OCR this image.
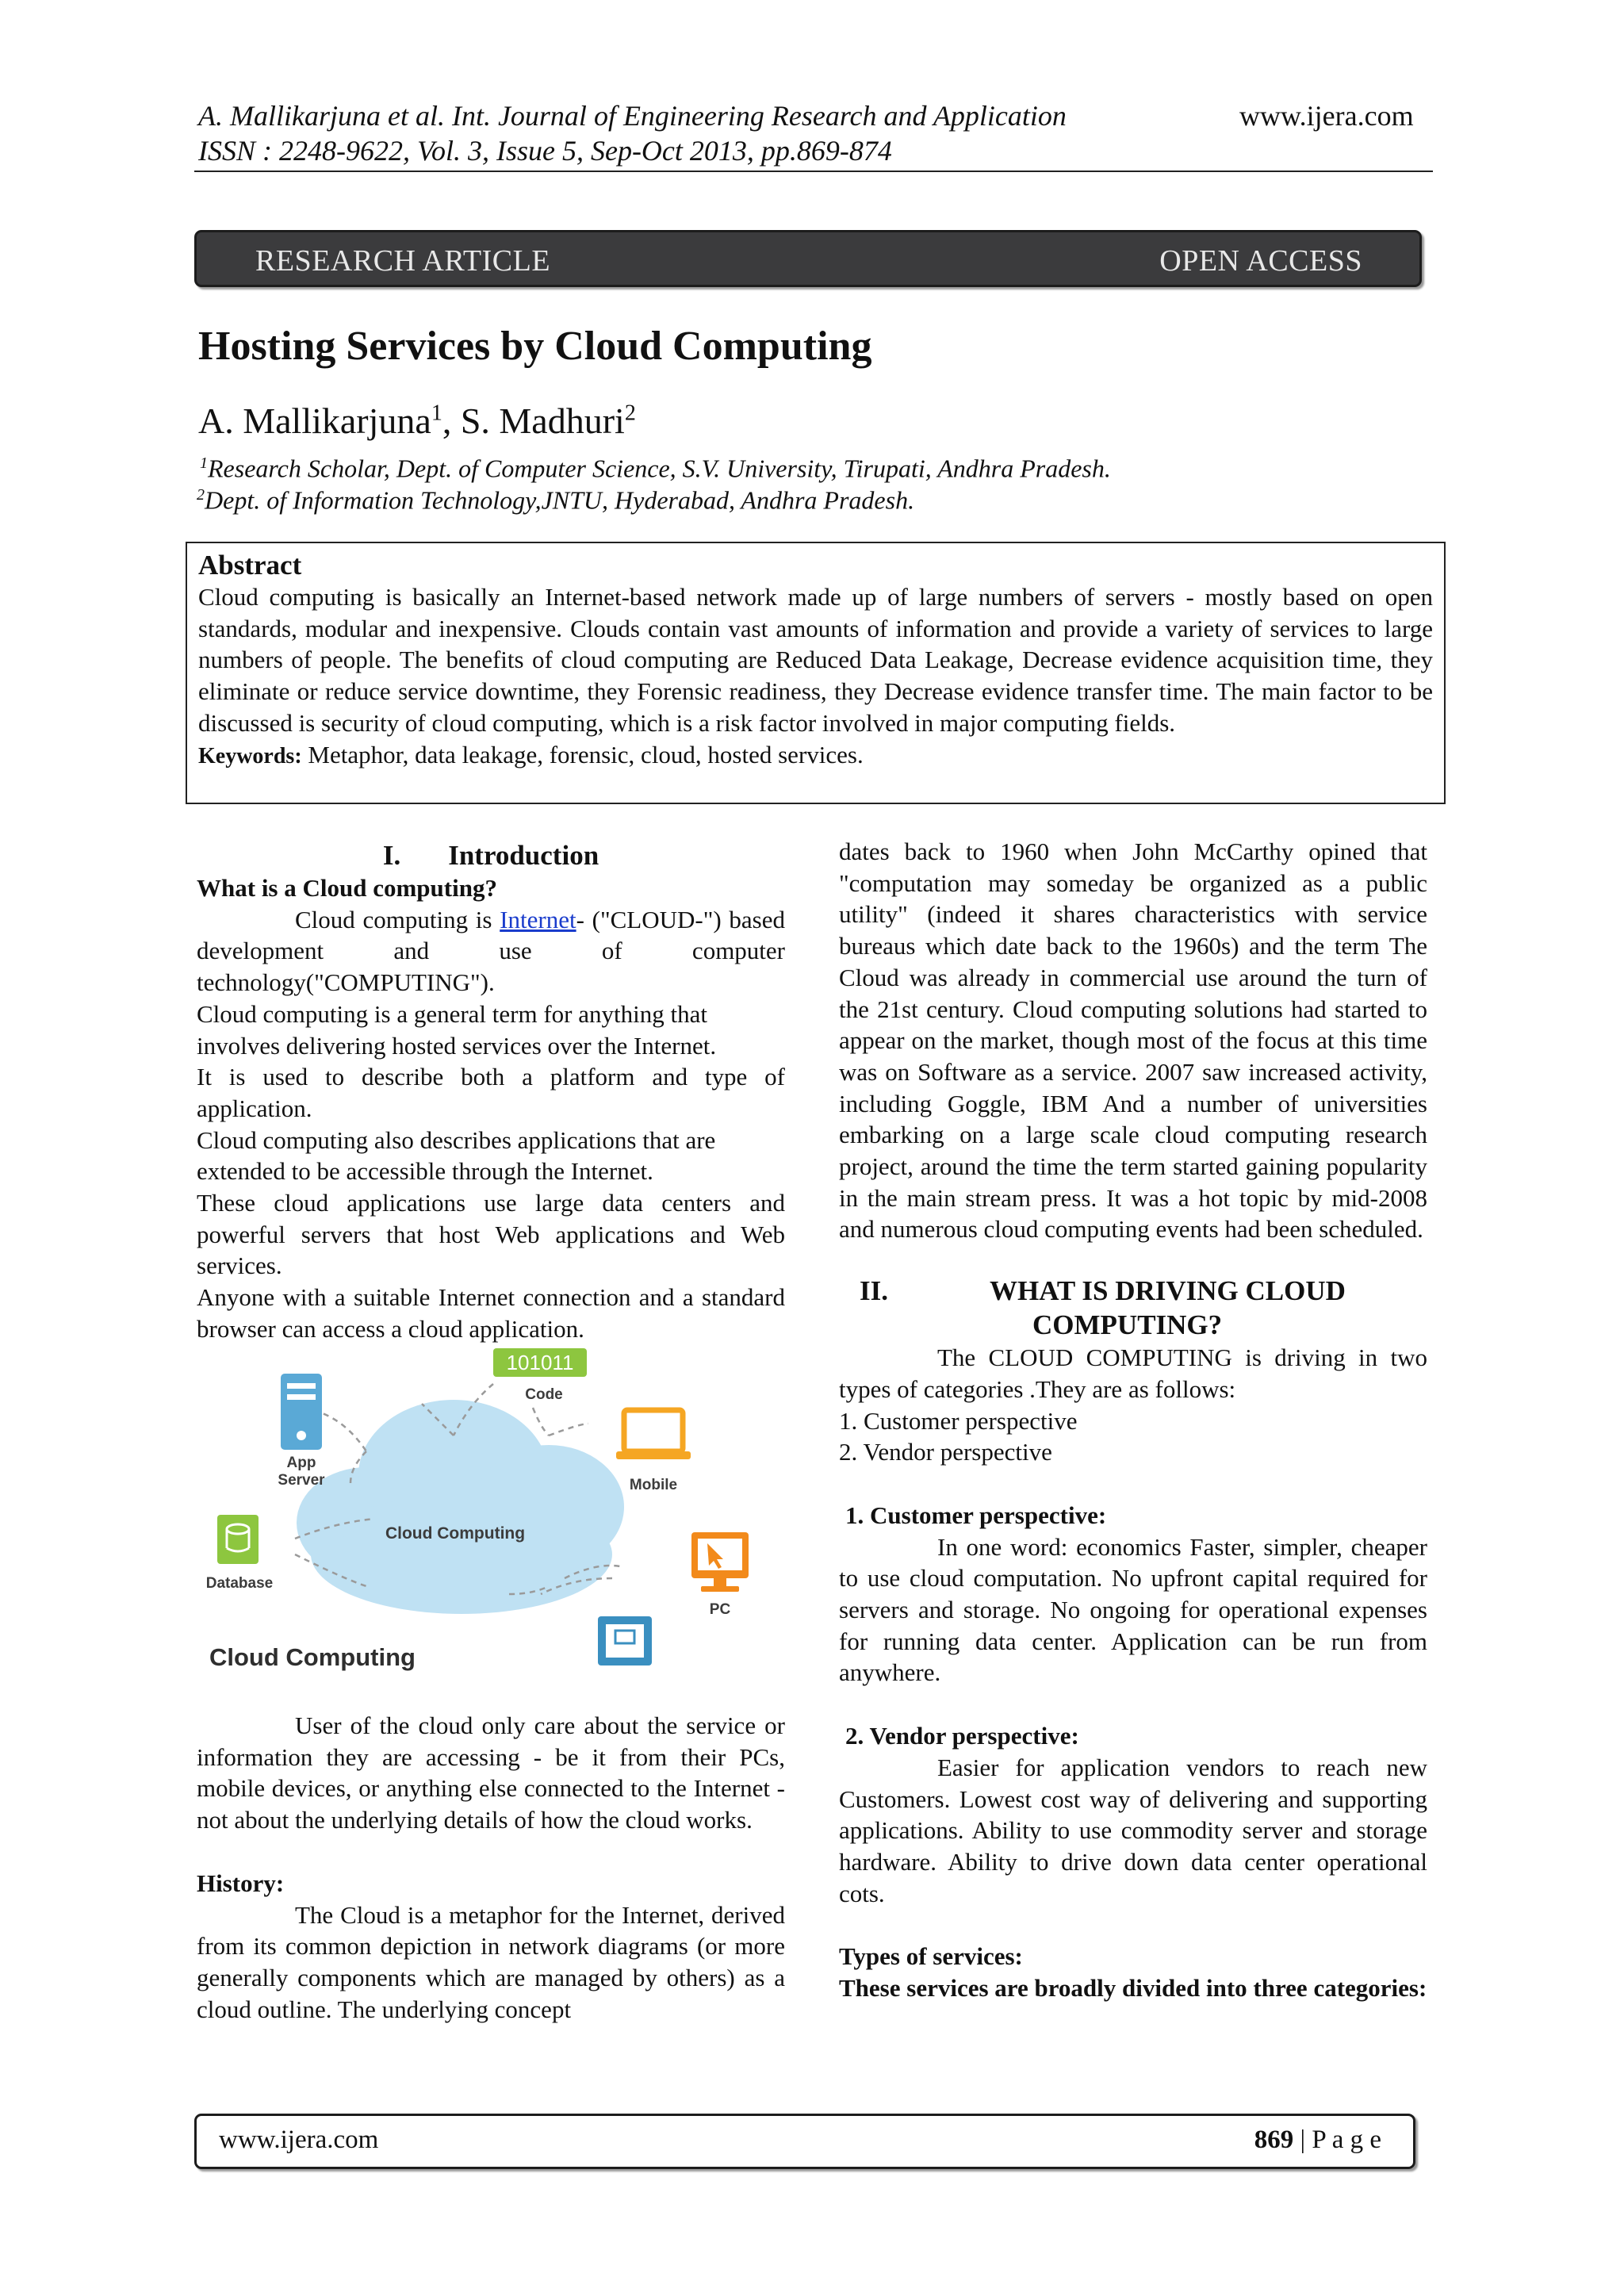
A. Mallikarjuna et al. Int. Journal of Engineering Research and Application	www.ijera.com
ISSN : 2248-9622, Vol. 3, Issue 5, Sep-Oct 2013, pp.869-874
RESEARCH ARTICLE	OPEN ACCESS
Hosting Services by Cloud Computing
A. Mallikarjuna$^1$, S. Madhuri$^2$
$^1$Research Scholar, Dept. of Computer Science, S.V. University, Tirupati, Andhra Pradesh.
$^2$Dept. of Information Technology,JNTU, Hyderabad, Andhra Pradesh.
Abstract
Cloud computing is basically an Internet-based network made up of large numbers of servers - mostly based on open standards, modular and inexpensive. Clouds contain vast amounts of information and provide a variety of services to large numbers of people. The benefits of cloud computing are Reduced Data Leakage, Decrease evidence acquisition time, they eliminate or reduce service downtime, they Forensic readiness, they Decrease evidence transfer time. The main factor to be discussed is security of cloud computing, which is a risk factor involved in major computing fields.
Keywords: Metaphor, data leakage, forensic, cloud, hosted services.

I. Introduction

What is a Cloud computing?

Cloud computing is Internet- ("CLOUD-") based development and use of computer technology("COMPUTING").

Cloud computing is a general term for anything that involves delivering hosted services over the Internet.

It is used to describe both a platform and type of application.

Cloud computing also describes applications that are extended to be accessible through the Internet.

These cloud applications use large data centers and powerful servers that host Web applications and Web services.

Anyone with a suitable Internet connection and a standard browser can access a cloud application.

Cloud Computing
101011
Code
App
Server	Mobile
Database
PC
Cloud Computing

User of the cloud only care about the service or information they are accessing - be it from their PCs, mobile devices, or anything else connected to the Internet - not about the underlying details of how the cloud works.

History:

The Cloud is a metaphor for the Internet, derived from its common depiction in network diagrams (or more generally components which are managed by others) as a cloud outline. The underlying concept

dates back to 1960 when John McCarthy opined that "computation may someday be organized as a public utility" (indeed it shares characteristics with service bureaus which date back to the 1960s) and the term The Cloud was already in commercial use around the turn of the 21st century. Cloud computing solutions had started to appear on the market, though most of the focus at this time was on Software as a service. 2007 saw increased activity, including Goggle, IBM And a number of universities embarking on a large scale cloud computing research project, around the time the term started gaining popularity in the main stream press. It was a hot topic by mid-2008 and numerous cloud computing events had been scheduled.

II.	WHAT IS DRIVING CLOUD
COMPUTING?

The CLOUD COMPUTING is driving in two types of categories .They are as follows:

1. Customer perspective

2. Vendor perspective

1. Customer perspective:

In one word: economics Faster, simpler, cheaper to use cloud computation. No upfront capital required for servers and storage. No ongoing for operational expenses for running data center. Application can be run from anywhere.

2. Vendor perspective:

Easier for application vendors to reach new Customers. Lowest cost way of delivering and supporting applications. Ability to use commodity server and storage hardware. Ability to drive down data center operational cots.

Types of services:

These services are broadly divided into three categories:

www.ijera.com	869 | P a g e
